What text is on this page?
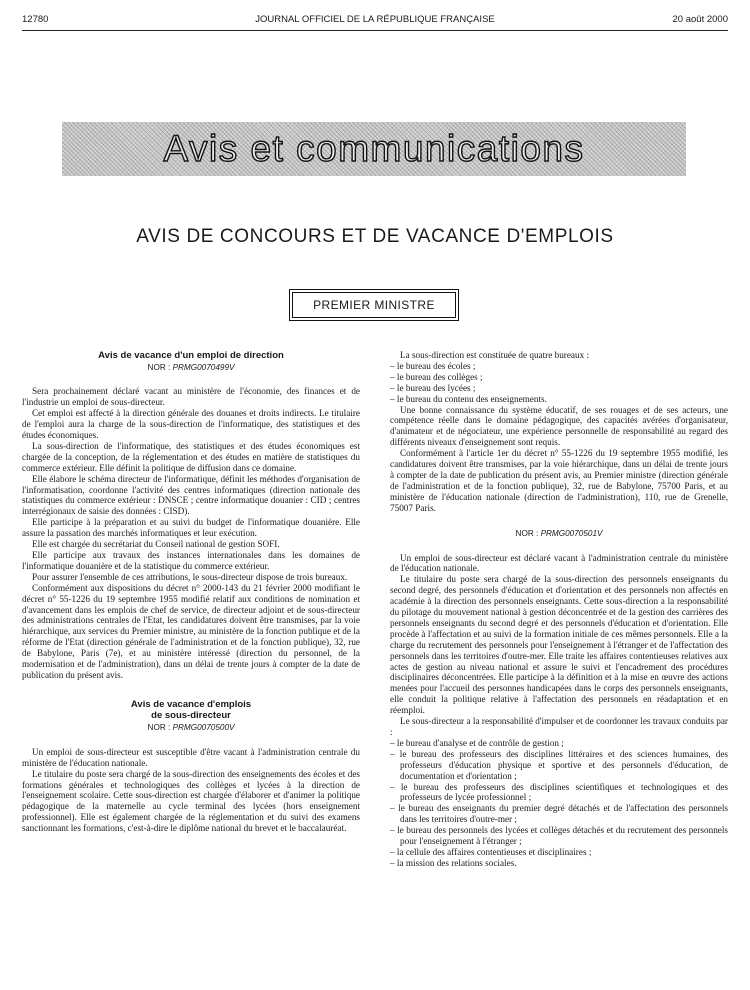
12780	JOURNAL OFFICIEL DE LA RÉPUBLIQUE FRANÇAISE	20 août 2000
Avis et communications
AVIS DE CONCOURS ET DE VACANCE D'EMPLOIS
PREMIER MINISTRE

Avis de vacance d'un emploi de direction

NOR : PRMG0070499V

Sera prochainement déclaré vacant au ministère de l'économie, des finances et de l'industrie un emploi de sous-directeur.

Cet emploi est affecté à la direction générale des douanes et droits indirects. Le titulaire de l'emploi aura la charge de la sous-direction de l'informatique, des statistiques et des études économiques.

La sous-direction de l'informatique, des statistiques et des études économiques est chargée de la conception, de la réglementation et des études en matière de statistiques du commerce extérieur. Elle définit la politique de diffusion dans ce domaine.

Elle élabore le schéma directeur de l'informatique, définit les méthodes d'organisation de l'informatisation, coordonne l'activité des centres informatiques (direction nationale des statistiques du commerce extérieur : DNSCE ; centre informatique douanier : CID ; centres interrégionaux de saisie des données : CISD).

Elle participe à la préparation et au suivi du budget de l'informatique douanière. Elle assure la passation des marchés informatiques et leur exécution.

Elle est chargée du secrétariat du Conseil national de gestion SOFI.

Elle participe aux travaux des instances internationales dans les domaines de l'informatique douanière et de la statistique du commerce extérieur.

Pour assurer l'ensemble de ces attributions, le sous-directeur dispose de trois bureaux.

Conformément aux dispositions du décret n° 2000-143 du 21 février 2000 modifiant le décret n° 55-1226 du 19 septembre 1955 modifié relatif aux conditions de nomination et d'avancement dans les emplois de chef de service, de directeur adjoint et de sous-directeur des administrations centrales de l'Etat, les candidatures doivent être transmises, par la voie hiérarchique, aux services du Premier ministre, au ministère de la fonction publique et de la réforme de l'Etat (direction générale de l'administration et de la fonction publique), 32, rue de Babylone, Paris (7e), et au ministère intéressé (direction du personnel, de la modernisation et de l'administration), dans un délai de trente jours à compter de la date de publication du présent avis.

Avis de vacance d'emplois

de sous-directeur

NOR : PRMG0070500V

Un emploi de sous-directeur est susceptible d'être vacant à l'administration centrale du ministère de l'éducation nationale.

Le titulaire du poste sera chargé de la sous-direction des enseignements des écoles et des formations générales et technologiques des collèges et lycées à la direction de l'enseignement scolaire. Cette sous-direction est chargée d'élaborer et d'animer la politique pédagogique de la maternelle au cycle terminal des lycées (hors enseignement professionnel). Elle est également chargée de la réglementation et du suivi des examens sanctionnant les formations, c'est-à-dire le diplôme national du brevet et le baccalauréat.

La sous-direction est constituée de quatre bureaux :

– le bureau des écoles ;
– le bureau des collèges ;
– le bureau des lycées ;
– le bureau du contenu des enseignements.

Une bonne connaissance du système éducatif, de ses rouages et de ses acteurs, une compétence réelle dans le domaine pédagogique, des capacités avérées d'organisateur, d'animateur et de négociateur, une expérience personnelle de responsabilité au regard des différents niveaux d'enseignement sont requis.

Conformément à l'article 1er du décret n° 55-1226 du 19 septembre 1955 modifié, les candidatures doivent être transmises, par la voie hiérarchique, dans un délai de trente jours à compter de la date de publication du présent avis, au Premier ministre (direction générale de l'administration et de la fonction publique), 32, rue de Babylone, 75700 Paris, et au ministère de l'éducation nationale (direction de l'administration), 110, rue de Grenelle, 75007 Paris.

NOR : PRMG0070501V

Un emploi de sous-directeur est déclaré vacant à l'administration centrale du ministère de l'éducation nationale.

Le titulaire du poste sera chargé de la sous-direction des personnels enseignants du second degré, des personnels d'éducation et d'orientation et des personnels non affectés en académie à la direction des personnels enseignants. Cette sous-direction a la responsabilité du pilotage du mouvement national à gestion déconcentrée et de la gestion des carrières des personnels enseignants du second degré et des personnels d'éducation et d'orientation. Elle procède à l'affectation et au suivi de la formation initiale de ces mêmes personnels. Elle a la charge du recrutement des personnels pour l'enseignement à l'étranger et de l'affectation des personnels dans les territoires d'outre-mer. Elle traite les affaires contentieuses relatives aux actes de gestion au niveau national et assure le suivi et l'encadrement des procédures disciplinaires déconcentrées. Elle participe à la définition et à la mise en œuvre des actions menées pour l'accueil des personnes handicapées dans le corps des personnels enseignants, elle conduit la politique relative à l'affectation des personnels en réadaptation et en réemploi.

Le sous-directeur a la responsabilité d'impulser et de coordonner les travaux conduits par :

– le bureau d'analyse et de contrôle de gestion ;
– le bureau des professeurs des disciplines littéraires et des sciences humaines, des professeurs d'éducation physique et sportive et des personnels d'éducation, de documentation et d'orientation ;
– le bureau des professeurs des disciplines scientifiques et technologiques et des professeurs de lycée professionnel ;
– le bureau des enseignants du premier degré détachés et de l'affectation des personnels dans les territoires d'outre-mer ;
– le bureau des personnels des lycées et collèges détachés et du recrutement des personnels pour l'enseignement à l'étranger ;
– la cellule des affaires contentieuses et disciplinaires ;
– la mission des relations sociales.
